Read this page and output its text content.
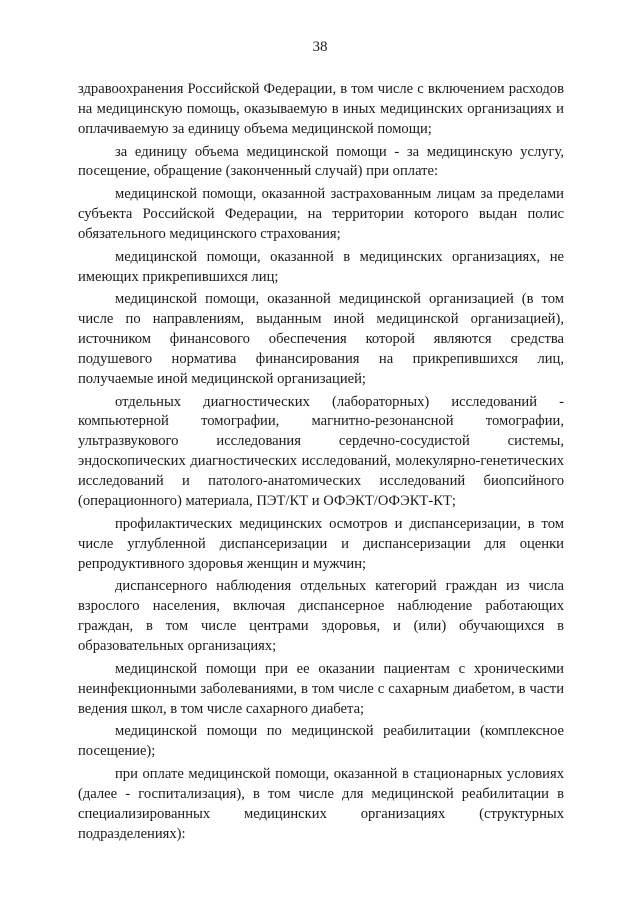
38

здравоохранения Российской Федерации, в том числе с включением расходов на медицинскую помощь, оказываемую в иных медицинских организациях и оплачиваемую за единицу объема медицинской помощи;

за единицу объема медицинской помощи - за медицинскую услугу, посещение, обращение (законченный случай) при оплате:

медицинской помощи, оказанной застрахованным лицам за пределами субъекта Российской Федерации, на территории которого выдан полис обязательного медицинского страхования;

медицинской помощи, оказанной в медицинских организациях, не имеющих прикрепившихся лиц;

медицинской помощи, оказанной медицинской организацией (в том числе по направлениям, выданным иной медицинской организацией), источником финансового обеспечения которой являются средства подушевого норматива финансирования на прикрепившихся лиц, получаемые иной медицинской организацией;

отдельных диагностических (лабораторных) исследований - компьютерной томографии, магнитно-резонансной томографии, ультразвукового исследования сердечно-сосудистой системы, эндоскопических диагностических исследований, молекулярно-генетических исследований и патолого-анатомических исследований биопсийного (операционного) материала, ПЭТ/КТ и ОФЭКТ/ОФЭКТ-КТ;

профилактических медицинских осмотров и диспансеризации, в том числе углубленной диспансеризации и диспансеризации для оценки репродуктивного здоровья женщин и мужчин;

диспансерного наблюдения отдельных категорий граждан из числа взрослого населения, включая диспансерное наблюдение работающих граждан, в том числе центрами здоровья, и (или) обучающихся в образовательных организациях;

медицинской помощи при ее оказании пациентам с хроническими неинфекционными заболеваниями, в том числе с сахарным диабетом, в части ведения школ, в том числе сахарного диабета;

медицинской помощи по медицинской реабилитации (комплексное посещение);

при оплате медицинской помощи, оказанной в стационарных условиях (далее - госпитализация), в том числе для медицинской реабилитации в специализированных медицинских организациях (структурных подразделениях):
